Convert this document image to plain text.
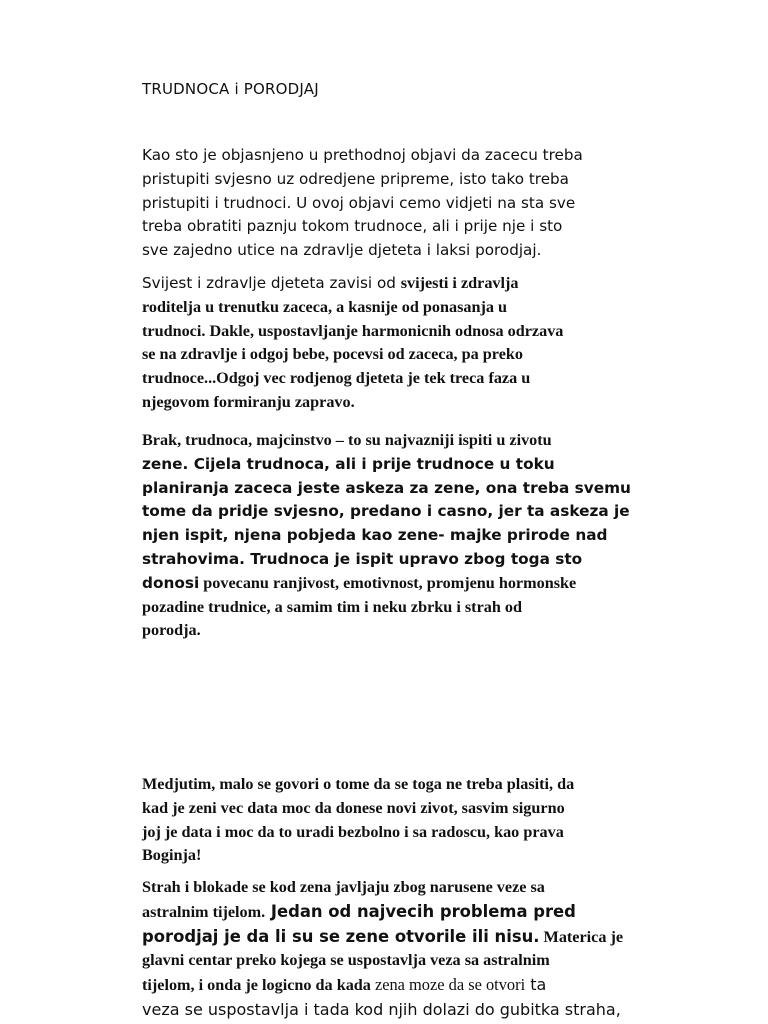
TRUDNOCA i PORODJAJ
Kao sto je objasnjeno u prethodnoj objavi da zacecu treba
pristupiti svjesno uz odredjene pripreme, isto tako treba
pristupiti i trudnoci. U ovoj objavi cemo vidjeti na sta sve
treba obratiti paznju tokom trudnoce, ali i prije nje i sto
sve zajedno utice na zdravlje djeteta i laksi porodjaj.
Svijest i zdravlje djeteta zavisi od svijesti i zdravlja
roditelja u trenutku zaceca, a kasnije od ponasanja u
trudnoci. Dakle, uspostavljanje harmonicnih odnosa odrzava
se na zdravlje i odgoj bebe, pocevsi od zaceca, pa preko
trudnoce...Odgoj vec rodjenog djeteta je tek treca faza u
njegovom formiranju zapravo.
Brak, trudnoca, majcinstvo – to su najvazniji ispiti u zivotu
zene. Cijela trudnoca, ali i prije trudnoce u toku
planiranja zaceca jeste askeza za zene, ona treba svemu
tome da pridje svjesno, predano i casno, jer ta askeza je
njen ispit, njena pobjeda kao zene- majke prirode nad
strahovima. Trudnoca je ispit upravo zbog toga sto
donosi povecanu ranjivost, emotivnost, promjenu hormonske
pozadine trudnice, a samim tim i neku zbrku i strah od
porodja.
Medjutim, malo se govori o tome da se toga ne treba plasiti, da
kad je zeni vec data moc da donese novi zivot, sasvim sigurno
joj je data i moc da to uradi bezbolno i sa radoscu, kao prava
Boginja!
Strah i blokade se kod zena javljaju zbog narusene veze sa
astralnim tijelom. Jedan od najvecih problema pred
porodjaj je da li su se zene otvorile ili nisu. Materica je
glavni centar preko kojega se uspostavlja veza sa astralnim
tijelom, i onda je logicno da kada zena moze da se otvori ta
veza se uspostavlja i tada kod njih dolazi do gubitka straha,
